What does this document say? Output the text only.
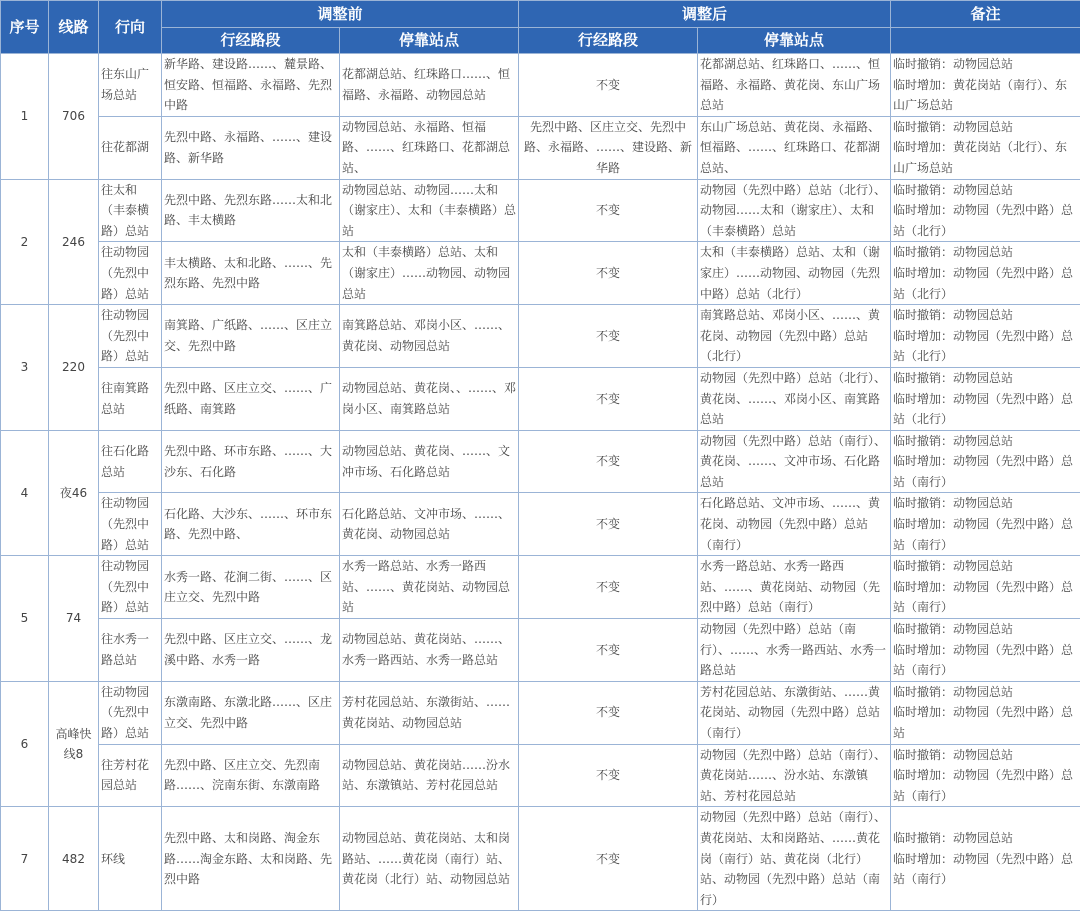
序号	线路	行向	调整前		调整后		备注
			行经路段	停靠站点	行经路段	停靠站点	
1	706	往东山广场总站	新华路、建设路……、麓景路、恒安路、恒福路、永福路、先烈中路	花都湖总站、红珠路口……、恒福路、永福路、动物园总站	不变	花都湖总站、红珠路口、……、恒福路、永福路、黄花岗、东山广场总站	临时撤销：动物园总站
临时增加：黄花岗站（南行）、东山广场总站
		往花都湖	先烈中路、永福路、……、建设路、新华路	动物园总站、永福路、恒福路、……、红珠路口、花都湖总站、	先烈中路、区庄立交、先烈中路、永福路、……、建设路、新华路	东山广场总站、黄花岗、永福路、恒福路、……、红珠路口、花都湖总站、	临时撤销：动物园总站
临时增加：黄花岗站（北行）、东山广场总站
2	246	往太和（丰泰横路）总站	先烈中路、先烈东路……太和北路、丰太横路	动物园总站、动物园……太和（谢家庄）、太和（丰泰横路）总站	不变	动物园（先烈中路）总站（北行）、动物园……太和（谢家庄）、太和（丰泰横路）总站	临时撤销：动物园总站
临时增加：动物园（先烈中路）总站（北行）
		往动物园（先烈中路）总站	丰太横路、太和北路、……、先烈东路、先烈中路	太和（丰泰横路）总站、太和（谢家庄）……动物园、动物园总站	不变	太和（丰泰横路）总站、太和（谢家庄）……动物园、动物园（先烈中路）总站（北行）	临时撤销：动物园总站
临时增加：动物园（先烈中路）总站（北行）
3	220	往动物园（先烈中路）总站	南箕路、广纸路、……、区庄立交、先烈中路	南箕路总站、邓岗小区、……、黄花岗、动物园总站	不变	南箕路总站、邓岗小区、……、黄花岗、动物园（先烈中路）总站（北行）	临时撤销：动物园总站
临时增加：动物园（先烈中路）总站（北行）
		往南箕路总站	先烈中路、区庄立交、……、广纸路、南箕路	动物园总站、黄花岗、、……、邓岗小区、南箕路总站	不变	动物园（先烈中路）总站（北行）、黄花岗、……、邓岗小区、南箕路总站	临时撤销：动物园总站
临时增加：动物园（先烈中路）总站（北行）
4	夜46	往石化路总站	先烈中路、环市东路、……、大沙东、石化路	动物园总站、黄花岗、……、文冲市场、石化路总站	不变	动物园（先烈中路）总站（南行）、黄花岗、……、文冲市场、石化路总站	临时撤销：动物园总站
临时增加：动物园（先烈中路）总站（南行）
		往动物园（先烈中路）总站	石化路、大沙东、……、环市东路、先烈中路、	石化路总站、文冲市场、……、黄花岗、动物园总站	不变	石化路总站、文冲市场、……、黄花岗、动物园（先烈中路）总站（南行）	临时撤销：动物园总站
临时增加：动物园（先烈中路）总站（南行）
5	74	往动物园（先烈中路）总站	水秀一路、花涧二街、……、区庄立交、先烈中路	水秀一路总站、水秀一路西站、……、黄花岗站、动物园总站	不变	水秀一路总站、水秀一路西站、……、黄花岗站、动物园（先烈中路）总站（南行）	临时撤销：动物园总站
临时增加：动物园（先烈中路）总站（南行）
		往水秀一路总站	先烈中路、区庄立交、……、龙溪中路、水秀一路	动物园总站、黄花岗站、……、水秀一路西站、水秀一路总站	不变	动物园（先烈中路）总站（南行）、……、水秀一路西站、水秀一路总站	临时撤销：动物园总站
临时增加：动物园（先烈中路）总站（南行）
6	高峰快线8	往动物园（先烈中路）总站	东潡南路、东潡北路……、区庄立交、先烈中路	芳村花园总站、东潡街站、……黄花岗站、动物园总站	不变	芳村花园总站、东潡街站、……黄花岗站、动物园（先烈中路）总站（南行）	临时撤销：动物园总站
临时增加：动物园（先烈中路）总站
		往芳村花园总站	先烈中路、区庄立交、先烈南路……、浣南东街、东潡南路	动物园总站、黄花岗站……汾水站、东潡镇站、芳村花园总站	不变	动物园（先烈中路）总站（南行）、黄花岗站……、汾水站、东潡镇站、芳村花园总站	临时撤销：动物园总站
临时增加：动物园（先烈中路）总站（南行）
7	482	环线	先烈中路、太和岗路、淘金东路……淘金东路、太和岗路、先烈中路	动物园总站、黄花岗站、太和岗路站、……黄花岗（南行）站、黄花岗（北行）站、动物园总站	不变	动物园（先烈中路）总站（南行）、黄花岗站、太和岗路站、……黄花岗（南行）站、黄花岗（北行）站、动物园（先烈中路）总站（南行）	临时撤销：动物园总站
临时增加：动物园（先烈中路）总站（南行）
